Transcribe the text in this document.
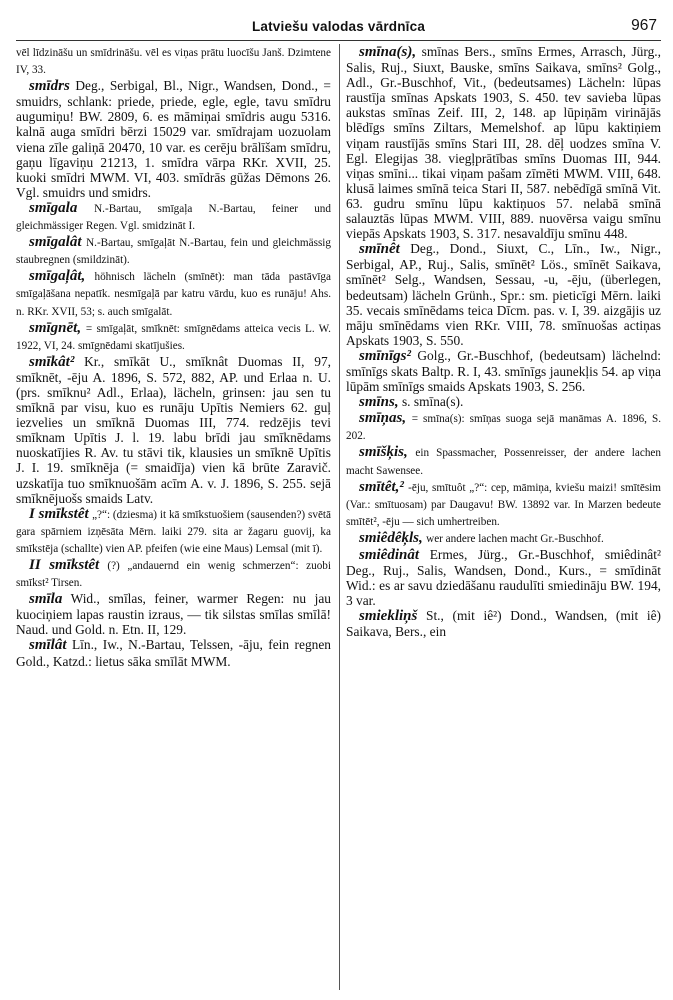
Latviešu valodas vārdnīca	967

vēl līdzināšu un smīdrināšu. vēl es viņas prātu luocīšu Janš. Dzimtene IV, 33.

smīdrs Deg., Serbigal, Bl., Nigr., Wandsen, Dond., = smuidrs, schlank: priede, priede, egle, egle, tavu smīdru augumiņu! BW. 2809, 6. es māmiņai smīdris augu 5316. kalnā auga smīdri bērzi 15029 var. smīdrajam uozuolam viena zīle galiņā 20470, 10 var. es cerēju brālīšam smīdru, gaņu līgaviņu 21213, 1. smīdra vārpa RKr. XVII, 25. kuoki smīdri MWM. VI, 403. smīdrās gūžas Dēmons 26. Vgl. smuidrs und smidrs.

smīgala N.-Bartau, smīgaļa N.-Bartau, feiner und gleichmässiger Regen. Vgl. smidzināt I.

smīgalât N.-Bartau, smīgaļāt N.-Bartau, fein und gleichmässig staubregnen (smildzināt).

smīgaļât, höhnisch lächeln (smīnēt): man tāda pastāvīga smīgaļāšana nepatīk. nesmīgaļā par katru vārdu, kuo es runāju! Ahs. n. RKr. XVII, 53; s. auch smīgalāt.

smīgnēt, = smīgaļāt, smīknēt: smīgnēdams atteica vecis L. W. 1922, VI, 24. smīgnēdami skatījušies.

smīkât² Kr., smīkāt U., smīknât Duomas II, 97, smīknēt, -ēju A. 1896, S. 572, 882, AP. und Erlaa n. U. (prs. smīknu² Adl., Erlaa), lächeln, grinsen: jau sen tu smīknā par visu, kuo es runāju Upītis Nemiers 62. guļ iezvelies un smīknā Duomas III, 774. redzējis tevi smīknam Upītis J. l. 19. labu brīdi jau smīknēdams nuoskatījies R. Av. tu stāvi tik, klausies un smīknē Upītis J. I. 19. smīknēja (= smaidīja) vien kā brūte Zaravič. uzskatīja tuo smīknuošām acīm A. v. J. 1896, S. 255. sejā smīknējuošs smaids Latv.

I smīkstêt „?“: (dziesma) it kā smīkstuošiem (sausenden?) svētā gara spārniem izņēsāta Mērn. laiki 279. sita ar žagaru guovij, ka smīkstēja (schallte) vien AP. pfeifen (wie eine Maus) Lemsal (mit ī).

II smīkstêt (?) „andauernd ein wenig schmerzen“: zuobi smīkst² Tirsen.

smīla Wid., smīlas, feiner, warmer Regen: nu jau kuociņiem lapas raustin izraus, — tik silstas smīlas smīlā! Naud. und Gold. n. Etn. II, 129.

smīlât Līn., Iw., N.-Bartau, Telssen, -āju, fein regnen Gold., Katzd.: lietus sāka smīlāt MWM.

smīna(s), smīnas Bers., smīns Ermes, Arrasch, Jürg., Salis, Ruj., Siuxt, Bauske, smīns Saikava, smīns² Golg., Adl., Gr.-Buschhof, Vit., (bedeutsames) Lächeln: lūpas raustīja smīnas Apskats 1903, S. 450. tev savieba lūpas aukstas smīnas Zeif. III, 2, 148. ap lūpiņām virinājās blēdīgs smīns Ziltars, Memelshof. ap lūpu kaktiņiem viņam raustījās smīns Stari III, 28. dēļ uodzes smīna V. Egl. Elegijas 38. viegļprātības smīns Duomas III, 944. viņas smīni... tikai viņam pašam zīmēti MWM. VIII, 648. klusā laimes smīnā teica Stari II, 587. nebēdīgā smīnā Vit. 63. gudru smīnu lūpu kaktiņuos 57. nelabā smīnā salauztās lūpas MWM. VIII, 889. nuovērsa vaigu smīnu viepās Apskats 1903, S. 317. nesavaldīju smīnu 448.

smīnêt Deg., Dond., Siuxt, C., Līn., Iw., Nigr., Serbigal, AP., Ruj., Salis, smīnēt² Lös., smīnēt Saikava, smīnēt² Selg., Wandsen, Sessau, -u, -ēju, (überlegen, bedeutsam) lächeln Grünh., Spr.: sm. pieticīgi Mērn. laiki 35. vecais smīnēdams teica Dīcm. pas. v. I, 39. aizgājis uz māju smīnēdams vien RKr. VIII, 78. smīnuošas actiņas Apskats 1903, S. 550.

smīnīgs² Golg., Gr.-Buschhof, (bedeutsam) lächelnd: smīnīgs skats Baltp. R. I, 43. smīnīgs jaunekļis 54. ap viņa lūpām smīnīgs smaids Apskats 1903, S. 256.

smīns, s. smīna(s).

smīņas, = smīna(s): smīņas suoga sejā manāmas A. 1896, S. 202.

smīšķis, ein Spassmacher, Possenreisser, der andere lachen macht Sawensee.

smītêt,² -ēju, smītuôt „?“: cep, māmiņa, kviešu maizi! smītēsim (Var.: smītuosam) par Daugavu! BW. 13892 var. In Marzen bedeute smītēt², -ēju — sich umhertreiben.

smiêdêķls, wer andere lachen macht Gr.-Buschhof.

smiêdinât Ermes, Jürg., Gr.-Buschhof, smiêdinât² Deg., Ruj., Salis, Wandsen, Dond., Kurs., = smīdināt Wid.: es ar savu dziedāšanu raudulīti smiedināju BW. 194, 3 var.

smiekliņš St., (mit iê²) Dond., Wandsen, (mit iê) Saikava, Bers., ein
